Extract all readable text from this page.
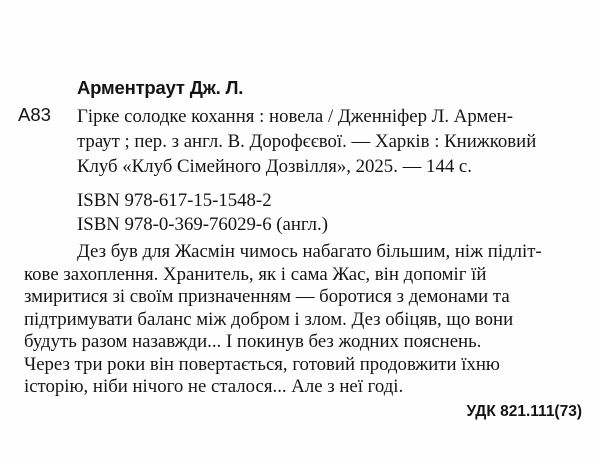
Арментраут Дж. Л.
А83 Гірке солодке кохання : новела / Дженніфер Л. Армен-
траут ; пер. з англ. В. Дорофєєвої. — Харків : Книжковий
Клуб «Клуб Сімейного Дозвілля», 2025. — 144 с.
ISBN 978-617-15-1548-2
ISBN 978-0-369-76029-6 (англ.)
Дез був для Жасмін чимось набагато більшим, ніж підліт-
кове захоплення. Хранитель, як і сама Жас, він допоміг їй
змиритися зі своїм призначенням — боротися з демонами та
підтримувати баланс між добром і злом. Дез обіцяв, що вони
будуть разом назавжди... І покинув без жодних пояснень.
Через три роки він повертається, готовий продовжити їхню
історію, ніби нічого не сталося... Але з неї годі.
УДК 821.111(73)
